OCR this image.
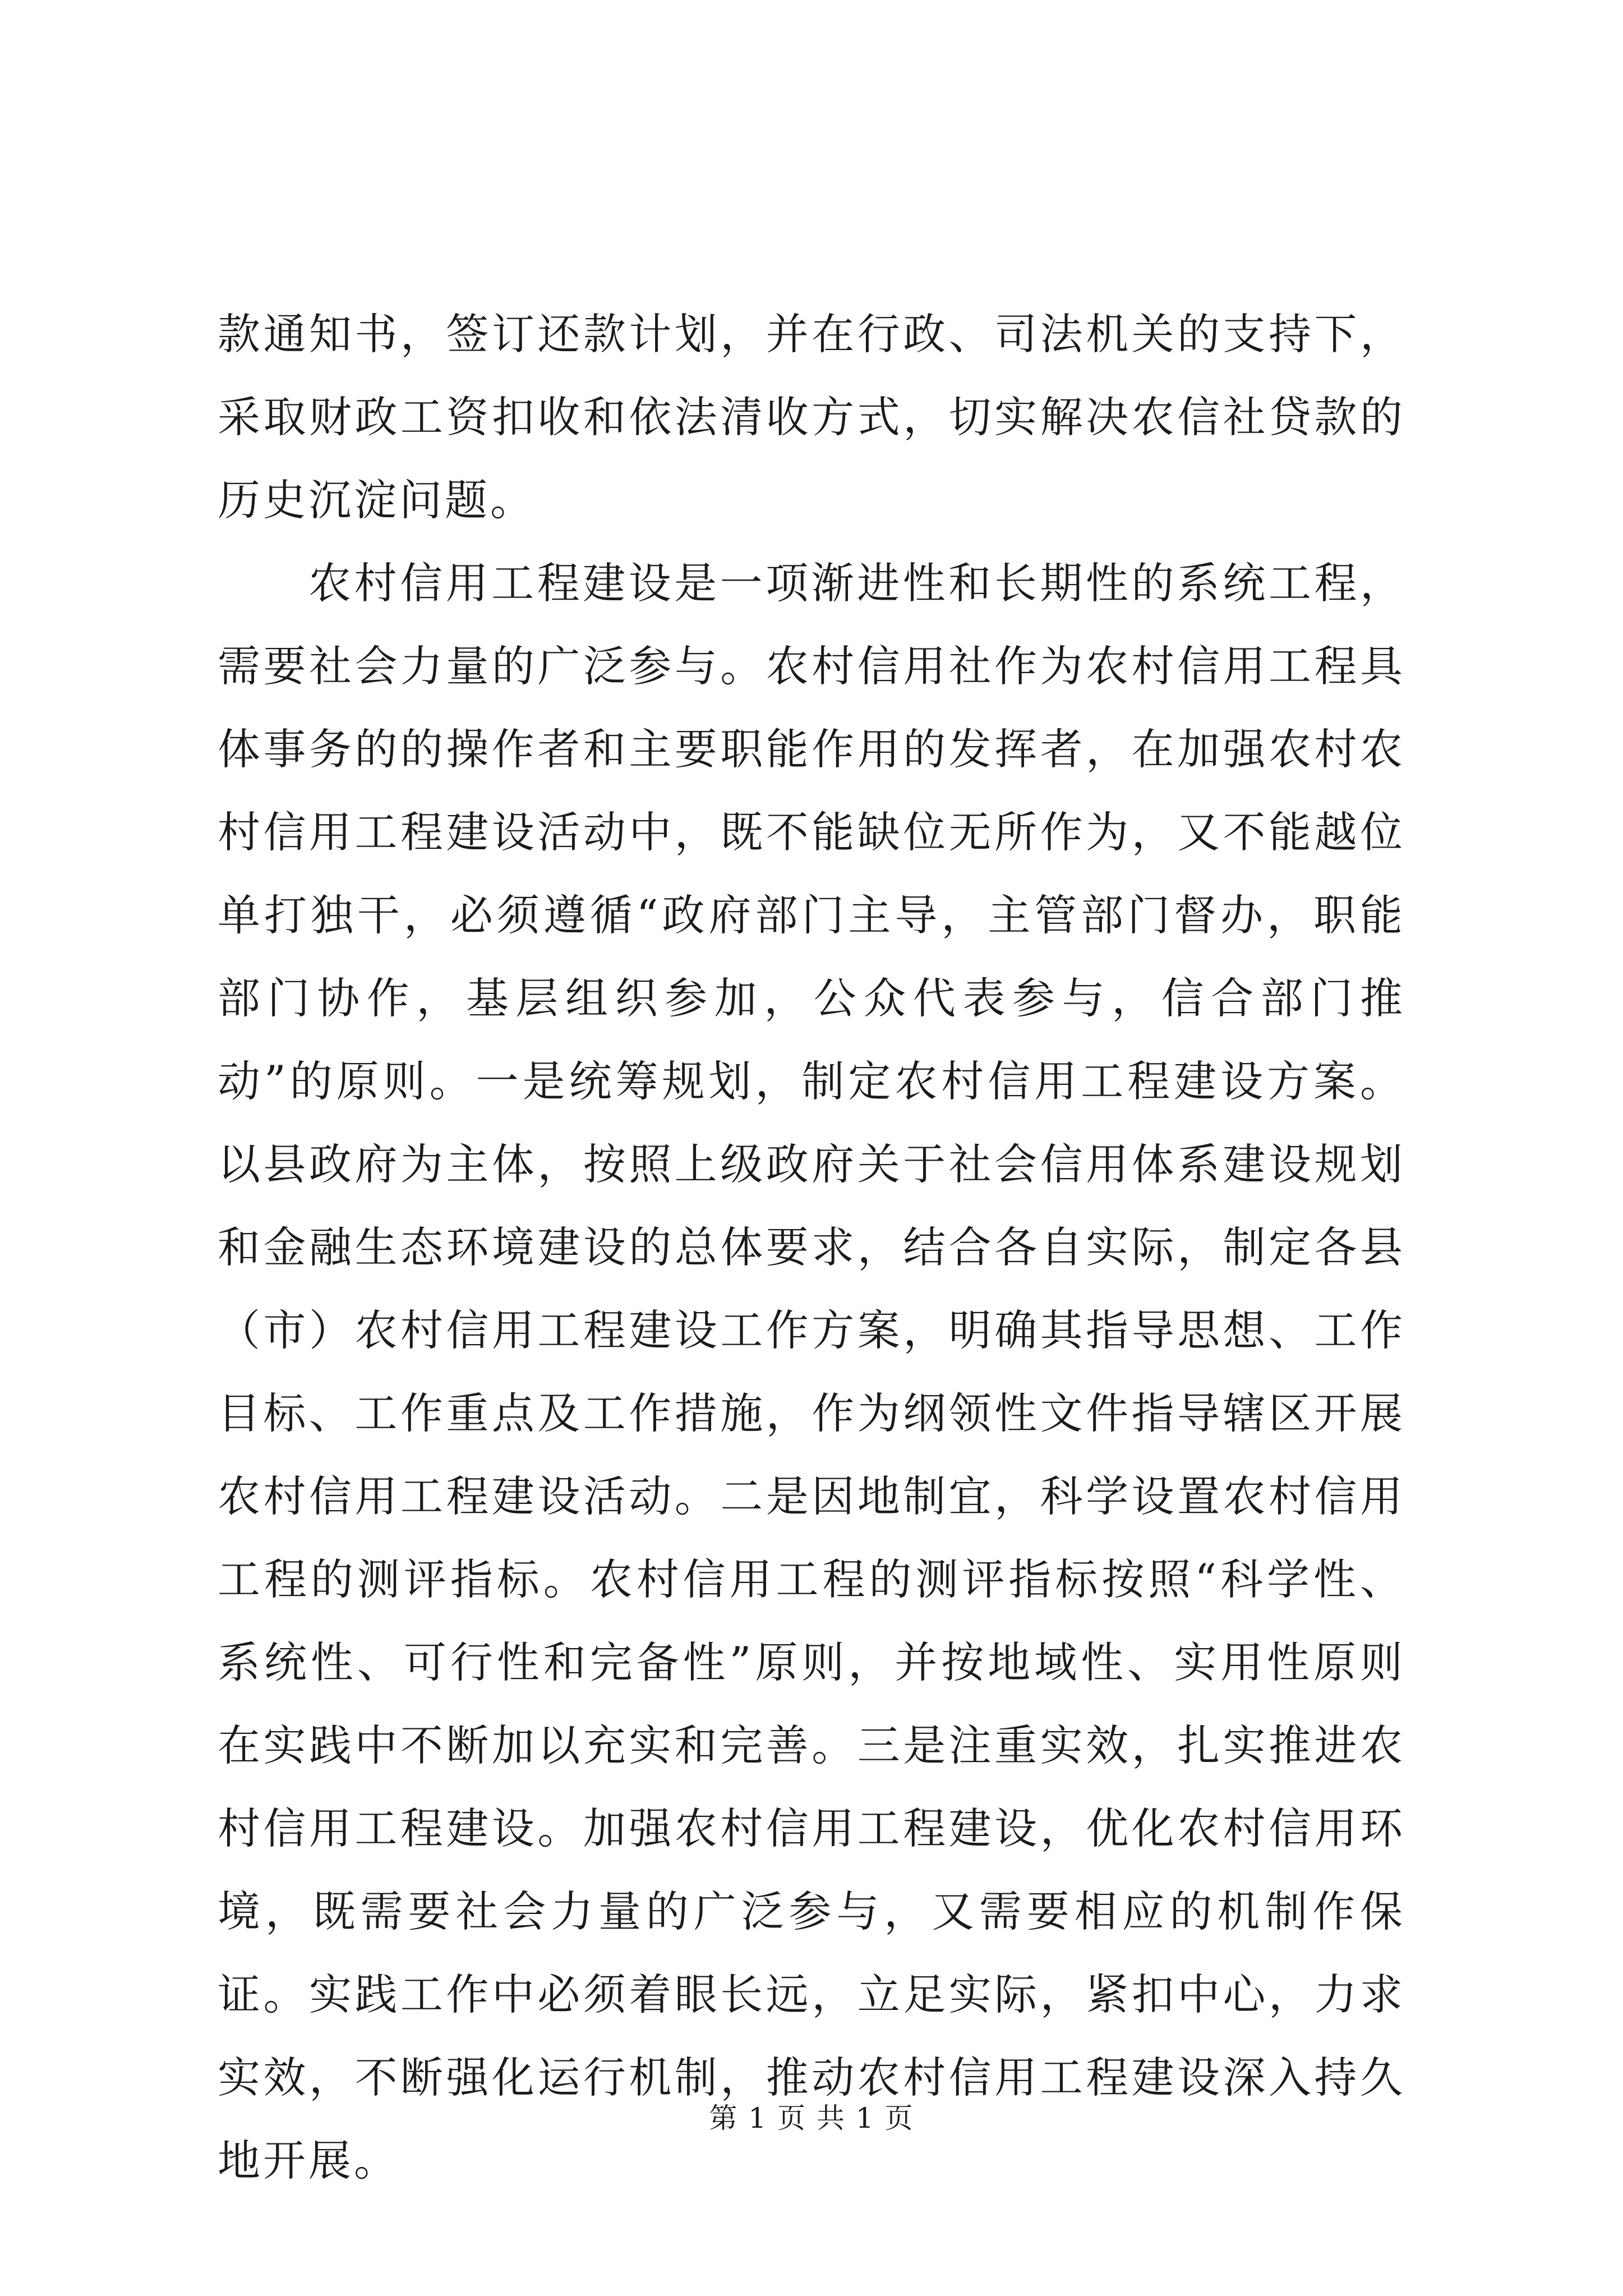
款通知书，签订还款计划，并在行政、司法机关的支持下，采取财政工资扣收和依法清收方式，切实解决农信社贷款的历史沉淀问题。

农村信用工程建设是一项渐进性和长期性的系统工程，需要社会力量的广泛参与。农村信用社作为农村信用工程具体事务的的操作者和主要职能作用的发挥者，在加强农村农村信用工程建设活动中，既不能缺位无所作为，又不能越位单打独干，必须遵循“政府部门主导，主管部门督办，职能部门协作，基层组织参加，公众代表参与，信合部门推动”的原则。一是统筹规划，制定农村信用工程建设方案。以县政府为主体，按照上级政府关于社会信用体系建设规划和金融生态环境建设的总体要求，结合各自实际，制定各县（市）农村信用工程建设工作方案，明确其指导思想、工作目标、工作重点及工作措施，作为纲领性文件指导辖区开展农村信用工程建设活动。二是因地制宜，科学设置农村信用工程的测评指标。农村信用工程的测评指标按照“科学性、系统性、可行性和完备性”原则，并按地域性、实用性原则在实践中不断加以充实和完善。三是注重实效，扎实推进农村信用工程建设。加强农村信用工程建设，优化农村信用环境，既需要社会力量的广泛参与，又需要相应的机制作保证。实践工作中必须着眼长远，立足实际，紧扣中心，力求实效，不断强化运行机制，推动农村信用工程建设深入持久地开展。

第 1 页 共 1 页
